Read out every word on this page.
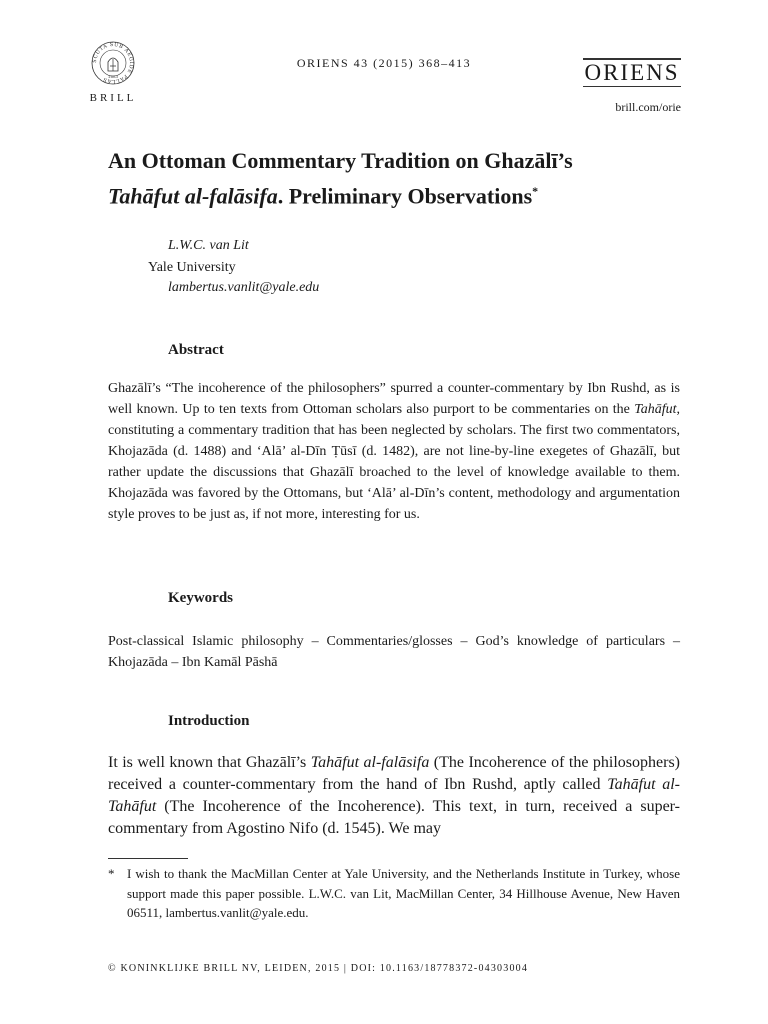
SCUTA SUB AEGIDE PALLAS 1683
BRILL
ORIENS 43 (2015) 368–413	ORIENS
brill.com/orie
An Ottoman Commentary Tradition on Ghazālī’s
Tahāfut al-falāsifa. Preliminary Observations*
L.W.C. van Lit
Yale University
lambertus.vanlit@yale.edu
Abstract
Ghazālī’s “The incoherence of the philosophers” spurred a counter-commentary by Ibn Rushd, as is well known. Up to ten texts from Ottoman scholars also purport to be commentaries on the Tahāfut, constituting a commentary tradition that has been neglected by scholars. The first two commentators, Khojazāda (d. 1488) and ‘Alā’ al-Dīn Ṭūsī (d. 1482), are not line-by-line exegetes of Ghazālī, but rather update the discussions that Ghazālī broached to the level of knowledge available to them. Khojazāda was favored by the Ottomans, but ‘Alā’ al-Dīn’s content, methodology and argumentation style proves to be just as, if not more, interesting for us.
Keywords
Post-classical Islamic philosophy – Commentaries/glosses – God’s knowledge of particulars – Khojazāda – Ibn Kamāl Pāshā
Introduction
It is well known that Ghazālī’s Tahāfut al-falāsifa (The Incoherence of the philosophers) received a counter-commentary from the hand of Ibn Rushd, aptly called Tahāfut al-Tahāfut (The Incoherence of the Incoherence). This text, in turn, received a super-commentary from Agostino Nifo (d. 1545). We may
* I wish to thank the MacMillan Center at Yale University, and the Netherlands Institute in Turkey, whose support made this paper possible. L.W.C. van Lit, MacMillan Center, 34 Hillhouse Avenue, New Haven 06511, lambertus.vanlit@yale.edu.
© KONINKLIJKE BRILL NV, LEIDEN, 2015 | DOI: 10.1163/18778372-04303004
